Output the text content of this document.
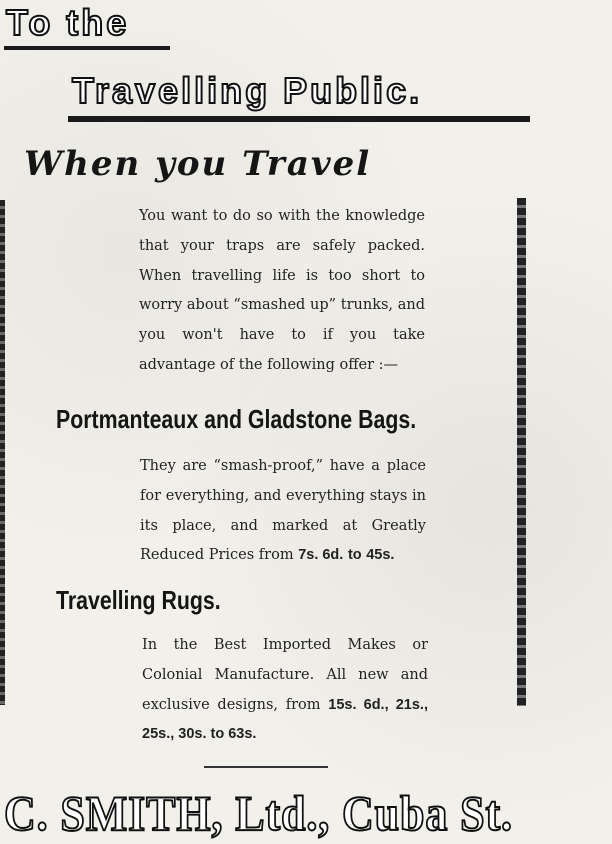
To the
Travelling Public.
When you Travel

You want to do so with the knowledge that your traps are safely packed. When travelling life is too short to worry about “smashed up” trunks, and you won't have to if you take advantage of the following offer :—

Portmanteaux and Gladstone Bags.

They are “smash-proof,” have a place for everything, and everything stays in its place, and marked at Greatly Reduced Prices from 7s. 6d. to 45s.

Travelling Rugs.

In the Best Imported Makes or Colonial Manufacture. All new and exclusive designs, from 15s. 6d., 21s., 25s., 30s. to 63s.

C. SMITH, Ltd., Cuba St.
